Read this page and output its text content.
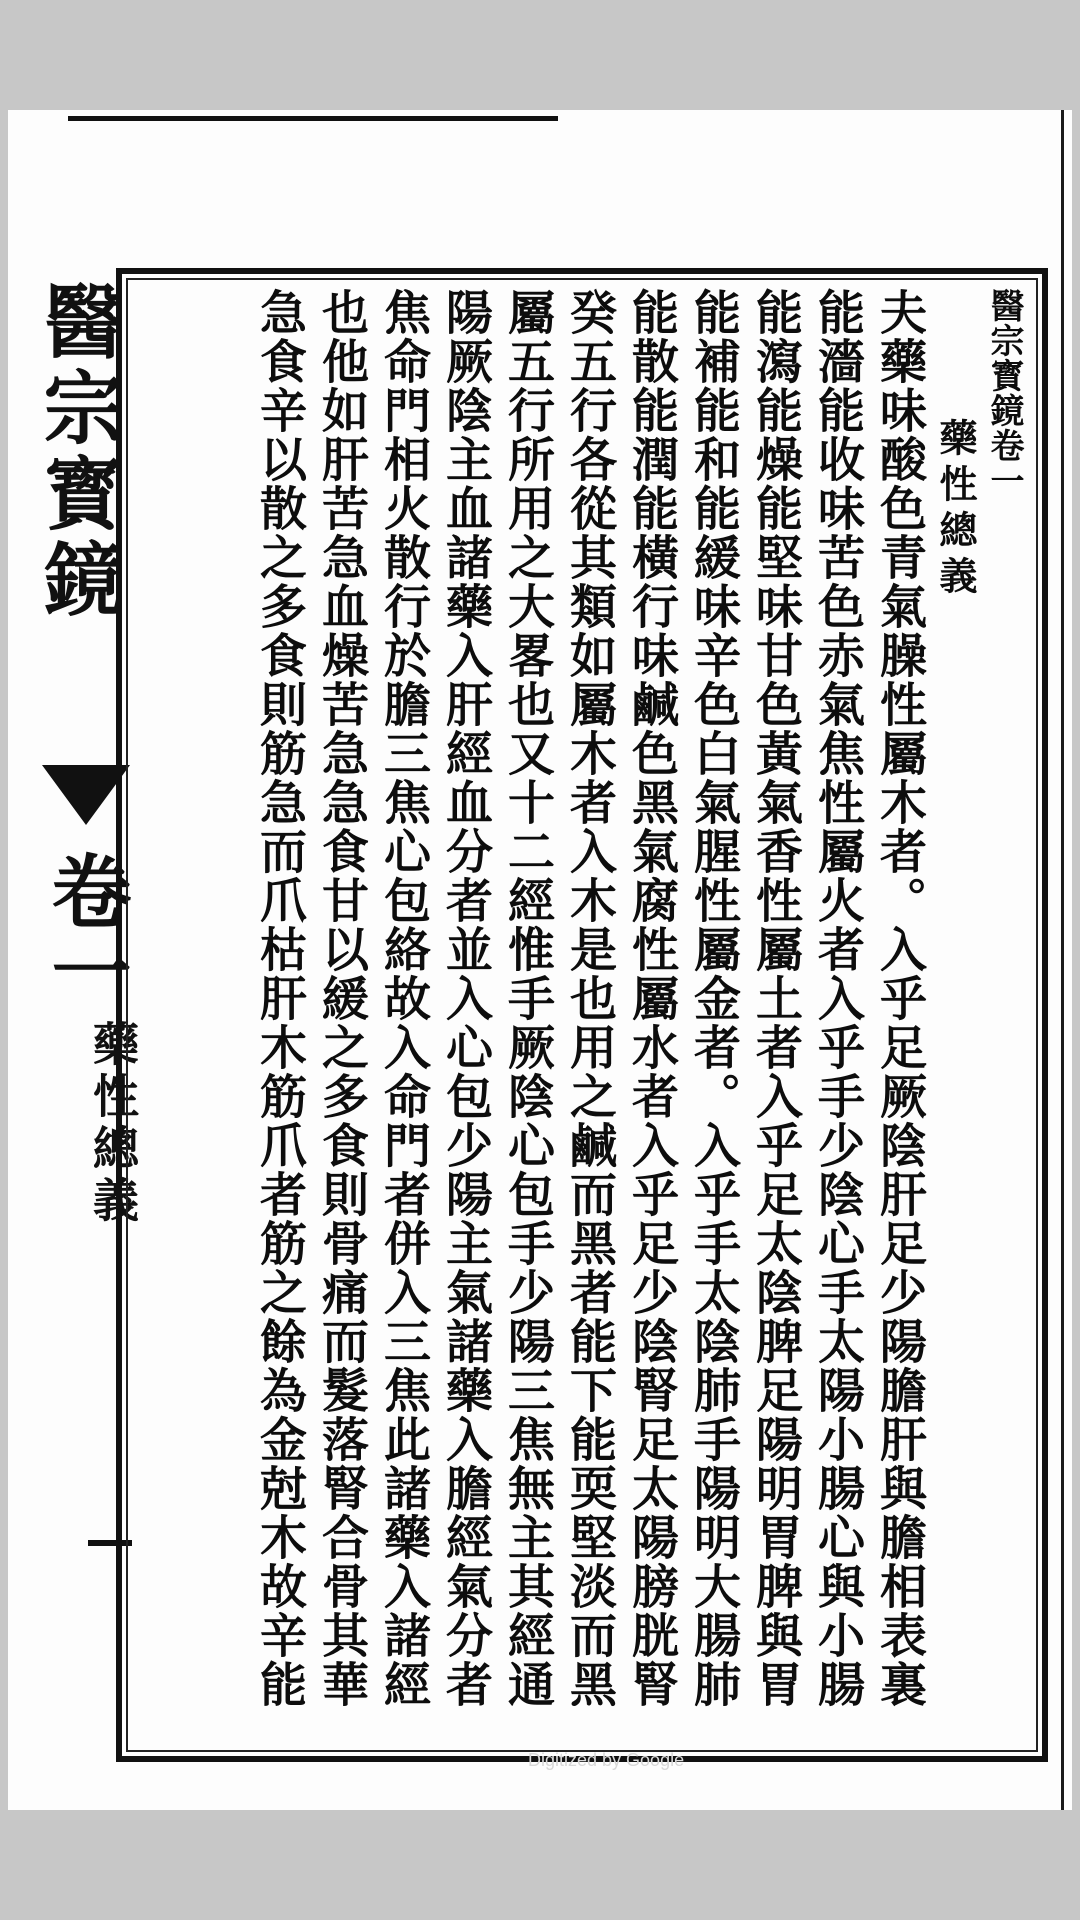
醫宗寳鏡
卷一
藥性總義
醫宗寳鏡卷一
藥性總義
夫藥味酸色青氣臊性屬木者。入乎足厥陰肝足少陽膽肝與膽相表裏
能濇能收味苦色赤氣焦性屬火者入乎手少陰心手太陽小腸心與小腸
能瀉能燥能堅味甘色黃氣香性屬土者入乎足太陰脾足陽明胃脾與胃
能補能和能緩味辛色白氣腥性屬金者。入乎手太陰肺手陽明大腸肺
能散能潤能橫行味鹹色黑氣腐性屬水者入乎足少陰腎足太陽膀胱腎
癸五行各從其類如屬木者入木是也用之鹹而黑者能下能耎堅淡而黑
屬五行所用之大畧也又十二經惟手厥陰心包手少陽三焦無主其經通
陽厥陰主血諸藥入肝經血分者並入心包少陽主氣諸藥入膽經氣分者
焦命門相火散行於膽三焦心包絡故入命門者併入三焦此諸藥入諸經
也他如肝苦急血燥苦急急食甘以緩之多食則骨痛而髮落腎合骨其華
急食辛以散之多食則筋急而爪枯肝木筋爪者筋之餘為金尅木故辛能
Digitized by Google
